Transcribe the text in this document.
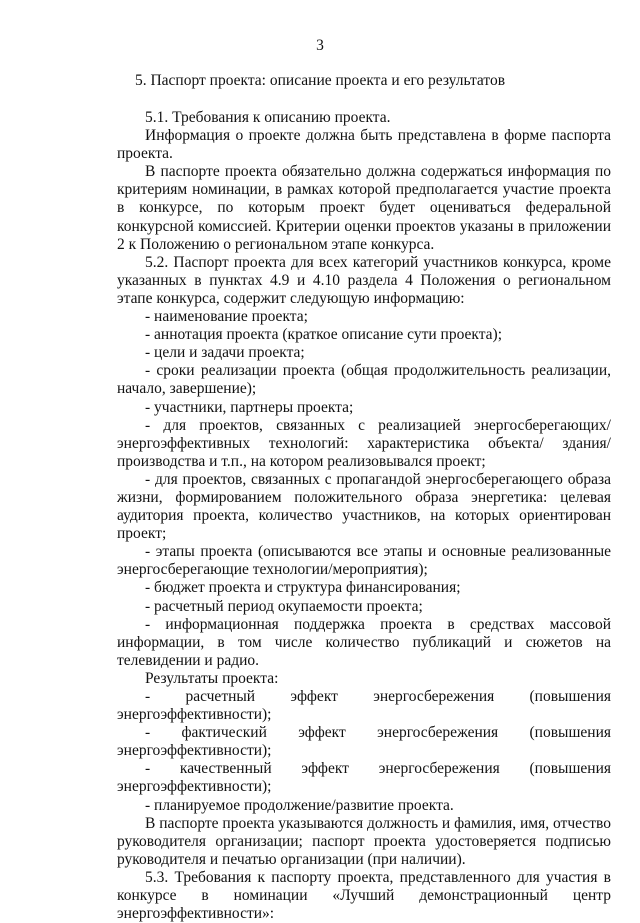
3
5. Паспорт проекта: описание проекта и его результатов

5.1. Требования к описанию проекта.

Информация о проекте должна быть представлена в форме паспорта проекта.

В паспорте проекта обязательно должна содержаться информация по критериям номинации, в рамках которой предполагается участие проекта в конкурсе, по которым проект будет оцениваться федеральной конкурсной комиссией. Критерии оценки проектов указаны в приложении 2 к Положению о региональном этапе конкурса.

5.2. Паспорт проекта для всех категорий участников конкурса, кроме указанных в пунктах 4.9 и 4.10 раздела 4 Положения о региональном этапе конкурса, содержит следующую информацию:

- наименование проекта;

- аннотация проекта (краткое описание сути проекта);

- цели и задачи проекта;

- сроки реализации проекта (общая продолжительность реализации, начало, завершение);

- участники, партнеры проекта;

- для проектов, связанных с реализацией энергосберегающих/ энергоэффективных технологий: характеристика объекта/ здания/ производства и т.п., на котором реализовывался проект;

- для проектов, связанных с пропагандой энергосберегающего образа жизни, формированием положительного образа энергетика: целевая аудитория проекта, количество участников, на которых ориентирован проект;

- этапы проекта (описываются все этапы и основные реализованные энергосберегающие технологии/мероприятия);

- бюджет проекта и структура финансирования;

- расчетный период окупаемости проекта;

- информационная поддержка проекта в средствах массовой информации, в том числе количество публикаций и сюжетов на телевидении и радио.

Результаты проекта:

- расчетный эффект энергосбережения (повышения энергоэффективности);

- фактический эффект энергосбережения (повышения энергоэффективности);

- качественный эффект энергосбережения (повышения энергоэффективности);

- планируемое продолжение/развитие проекта.

В паспорте проекта указываются должность и фамилия, имя, отчество руководителя организации; паспорт проекта удостоверяется подписью руководителя и печатью организации (при наличии).

5.3. Требования к паспорту проекта, представленного для участия в конкурсе в номинации «Лучший демонстрационный центр энергоэффективности»:
